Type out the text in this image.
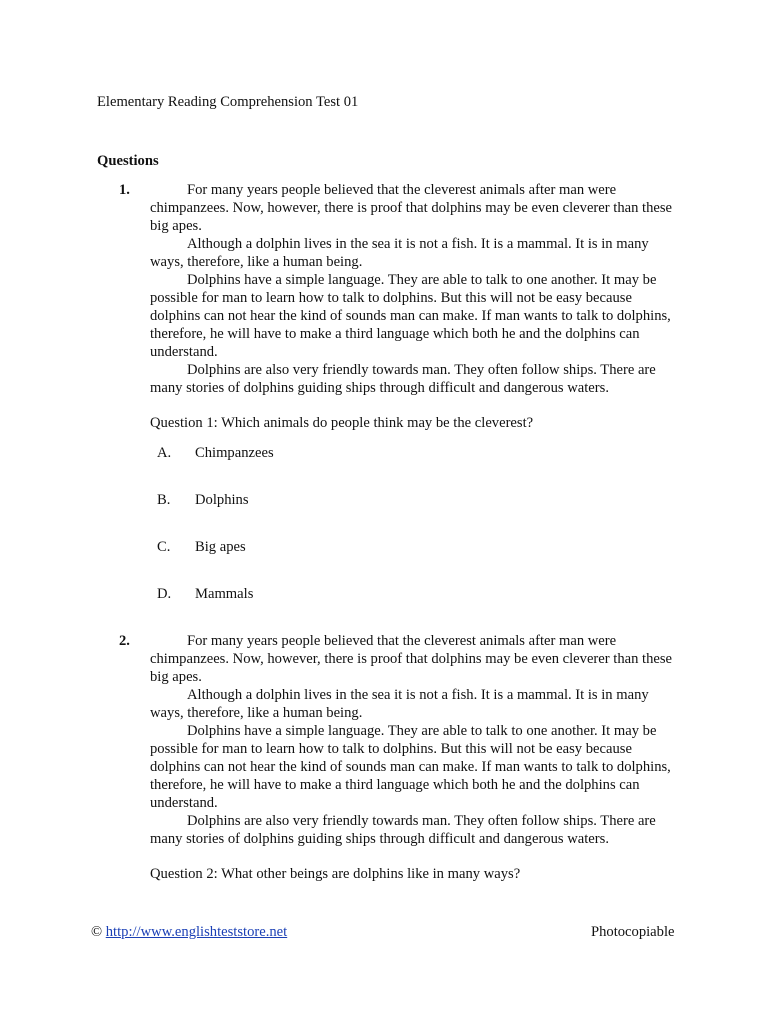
Elementary Reading Comprehension Test 01
Questions
1.	For many years people believed that the cleverest animals after man were chimpanzees. Now, however, there is proof that dolphins may be even cleverer than these big apes.

Although a dolphin lives in the sea it is not a fish. It is a mammal. It is in many ways, therefore, like a human being.

Dolphins have a simple language. They are able to talk to one another. It may be possible for man to learn how to talk to dolphins. But this will not be easy because dolphins can not hear the kind of sounds man can make. If man wants to talk to dolphins, therefore, he will have to make a third language which both he and the dolphins can understand.

Dolphins are also very friendly towards man. They often follow ships. There are many stories of dolphins guiding ships through difficult and dangerous waters.

Question 1: Which animals do people think may be the cleverest?

A. Chimpanzees
B. Dolphins
C. Big apes
D. Mammals
2.	For many years people believed that the cleverest animals after man were chimpanzees. Now, however, there is proof that dolphins may be even cleverer than these big apes.

Although a dolphin lives in the sea it is not a fish. It is a mammal. It is in many ways, therefore, like a human being.

Dolphins have a simple language. They are able to talk to one another. It may be possible for man to learn how to talk to dolphins. But this will not be easy because dolphins can not hear the kind of sounds man can make. If man wants to talk to dolphins, therefore, he will have to make a third language which both he and the dolphins can understand.

Dolphins are also very friendly towards man. They often follow ships. There are many stories of dolphins guiding ships through difficult and dangerous waters.

Question 2: What other beings are dolphins like in many ways?

© http://www.englishteststore.net	Photocopiable
